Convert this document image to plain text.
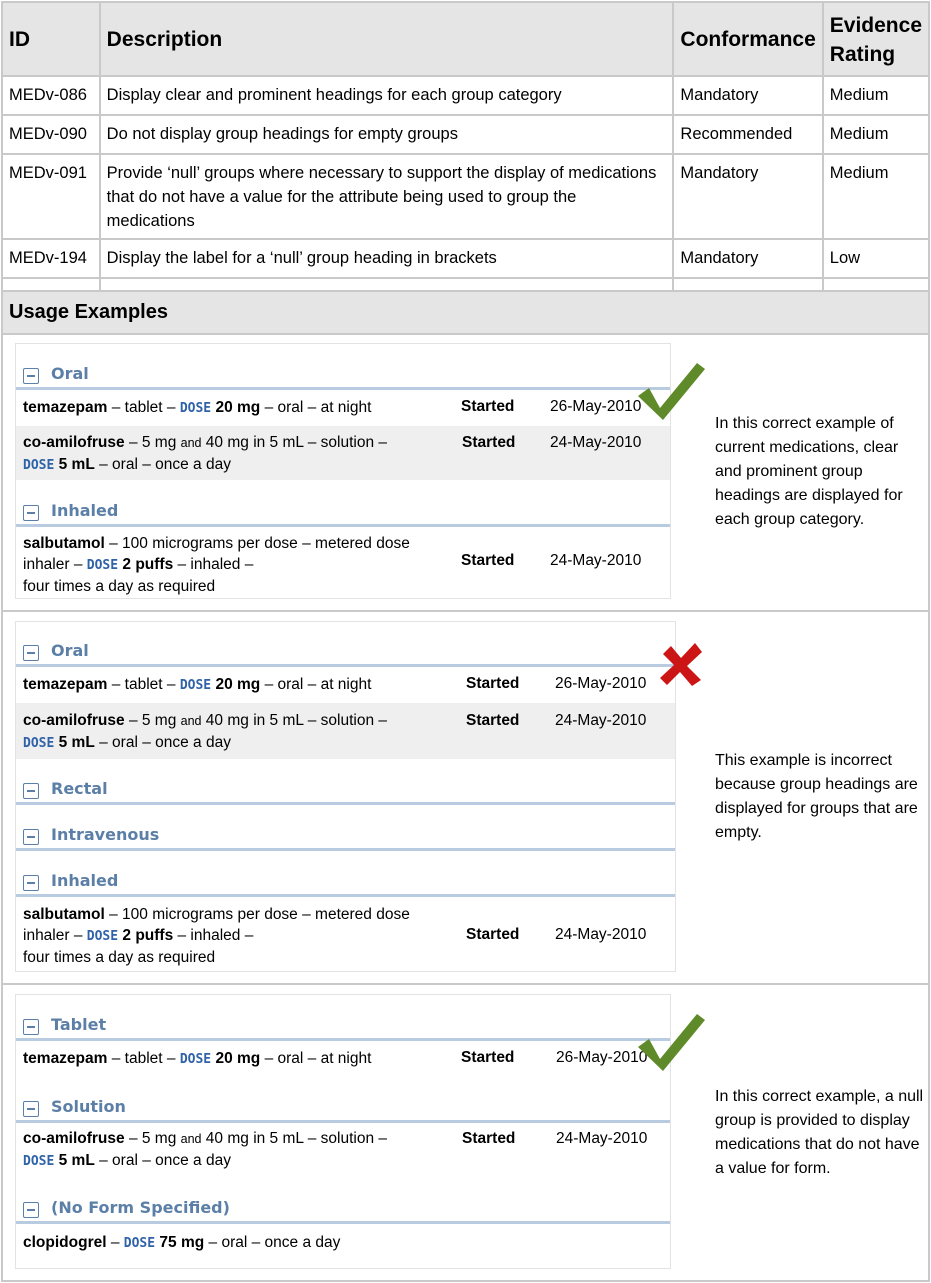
ID	Description	Conformance	Evidence
Rating
MEDv-086	Display clear and prominent headings for each group category	Mandatory	Medium
MEDv-090	Do not display group headings for empty groups	Recommended	Medium
MEDv-091	Provide ‘null’ groups where necessary to support the display of medications that do not have a value for the attribute being used to group the medications	Mandatory	Medium
MEDv-194	Display the label for a ‘null’ group heading in brackets	Mandatory	Low

Usage Examples
Oral
temazepam – tablet – DOSE 20 mg – oral – at night	Started 26-May-2010
co-amilofruse – 5 mg and 40 mg in 5 mL – solution –
DOSE 5 mL – oral – once a day
Started 24-May-2010
Inhaled
salbutamol – 100 micrograms per dose – metered dose
inhaler – DOSE 2 puffs – inhaled –
four times a day as required
Started 24-May-2010
In this correct example of current medications, clear and prominent group headings are displayed for each group category.
Oral
temazepam – tablet – DOSE 20 mg – oral – at night	Started 26-May-2010
co-amilofruse – 5 mg and 40 mg in 5 mL – solution –
DOSE 5 mL – oral – once a day
Started 24-May-2010
Rectal
Intravenous
Inhaled
salbutamol – 100 micrograms per dose – metered dose
inhaler – DOSE 2 puffs – inhaled –
four times a day as required
Started 24-May-2010
This example is incorrect because group headings are displayed for groups that are empty.
Tablet
temazepam – tablet – DOSE 20 mg – oral – at night	Started	26-May-2010
Solution
co-amilofruse – 5 mg and 40 mg in 5 mL – solution –
DOSE 5 mL – oral – once a day
Started	24-May-2010
(No Form Specified)
clopidogrel – DOSE 75 mg – oral – once a day
In this correct example, a null group is provided to display medications that do not have a value for form.
